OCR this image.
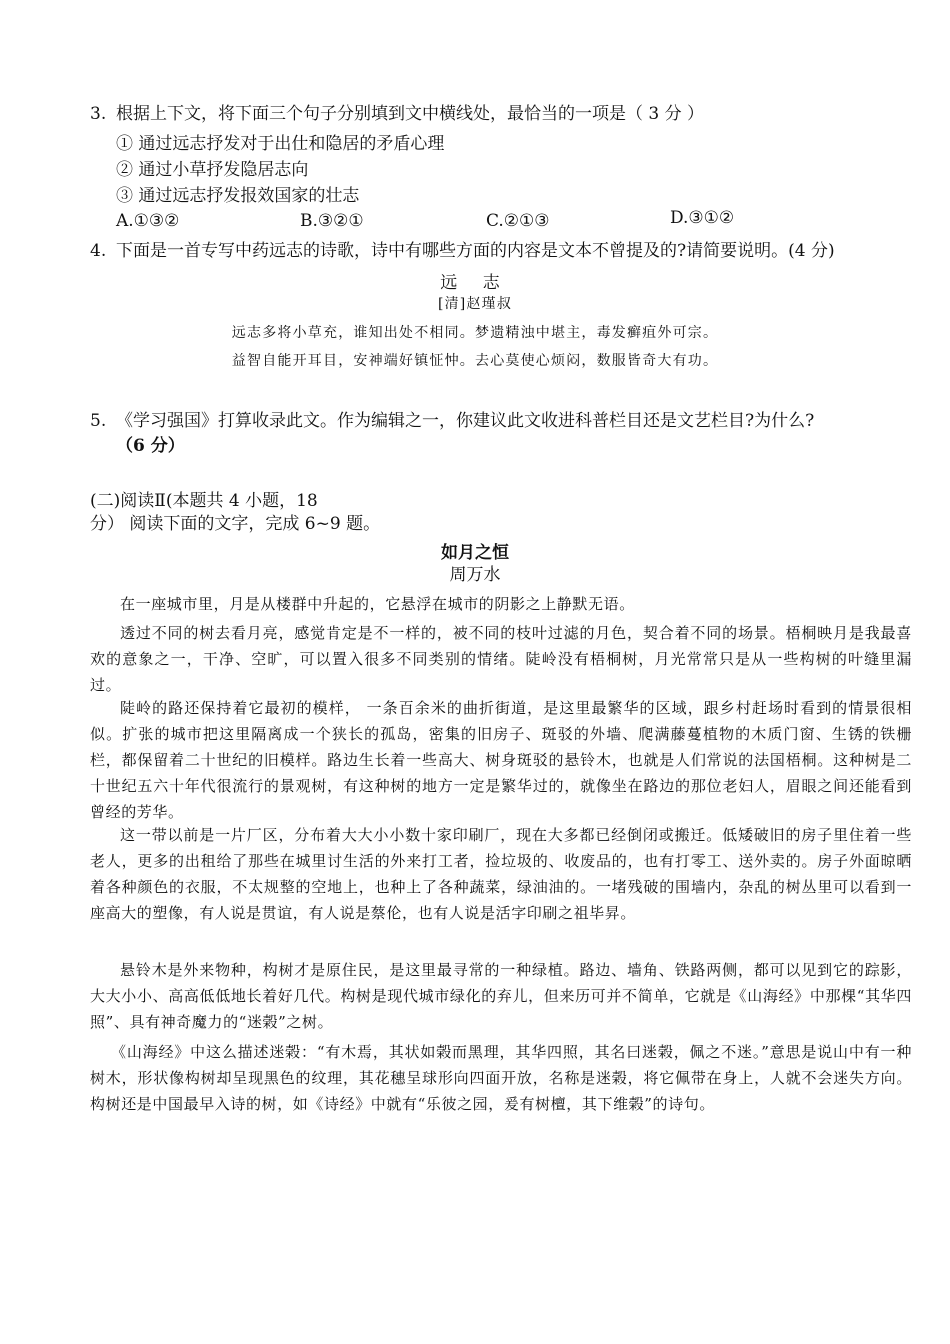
3. 根据上下文，将下面三个句子分别填到文中横线处，最恰当的一项是（ 3 分 ）
① 通过远志抒发对于出仕和隐居的矛盾心理
② 通过小草抒发隐居志向
③ 通过远志抒发报效国家的壮志
A.①③②	B.③②①	C.②①③	D.③①②
4. 下面是一首专写中药远志的诗歌，诗中有哪些方面的内容是文本不曾提及的?请简要说明。(4 分)
远 志
[清]赵瑾叔
远志多将小草充，谁知出处不相同。梦遗精浊中堪主，毒发癣疽外可宗。
益智自能开耳目，安神端好镇怔忡。去心莫使心烦闷，数服皆奇大有功。
5. 《学习强国》打算收录此文。作为编辑之一，你建议此文收进科普栏目还是文艺栏目?为什么?
（6 分）
(二)阅读Ⅱ(本题共 4 小题，18
分） 阅读下面的文字，完成 6~9 题。
如月之恒
周万水
在一座城市里，月是从楼群中升起的，它悬浮在城市的阴影之上静默无语。
透过不同的树去看月亮，感觉肯定是不一样的，被不同的枝叶过滤的月色，契合着不同的场景。梧桐映月是我最喜欢的意象之一，干净、空旷，可以置入很多不同类别的情绪。陡岭没有梧桐树，月光常常只是从一些构树的叶缝里漏过。
陡岭的路还保持着它最初的模样， 一条百余米的曲折街道，是这里最繁华的区域，跟乡村赶场时看到的情景很相似。扩张的城市把这里隔离成一个狭长的孤岛，密集的旧房子、斑驳的外墙、爬满藤蔓植物的木质门窗、生锈的铁栅栏，都保留着二十世纪的旧模样。路边生长着一些高大、树身斑驳的悬铃木，也就是人们常说的法国梧桐。这种树是二十世纪五六十年代很流行的景观树，有这种树的地方一定是繁华过的，就像坐在路边的那位老妇人，眉眼之间还能看到曾经的芳华。
这一带以前是一片厂区，分布着大大小小数十家印刷厂，现在大多都已经倒闭或搬迁。低矮破旧的房子里住着一些老人，更多的出租给了那些在城里讨生活的外来打工者，捡垃圾的、收废品的，也有打零工、送外卖的。房子外面晾晒着各种颜色的衣服，不太规整的空地上，也种上了各种蔬菜，绿油油的。一堵残破的围墙内，杂乱的树丛里可以看到一座高大的塑像，有人说是贯谊，有人说是蔡伦，也有人说是活字印刷之祖毕昇。
悬铃木是外来物种，构树才是原住民，是这里最寻常的一种绿植。路边、墙角、铁路两侧，都可以见到它的踪影，大大小小、高高低低地长着好几代。构树是现代城市绿化的弃儿，但来历可并不简单，它就是《山海经》中那棵“其华四照”、具有神奇魔力的“迷榖”之树。
《山海经》中这么描述迷榖：“有木焉，其状如榖而黑理，其华四照，其名曰迷榖，佩之不迷。”意思是说山中有一种树木，形状像构树却呈现黑色的纹理，其花穗呈球形向四面开放，名称是迷榖，将它佩带在身上，人就不会迷失方向。构树还是中国最早入诗的树，如《诗经》中就有“乐彼之园，爰有树檀，其下维榖”的诗句。
